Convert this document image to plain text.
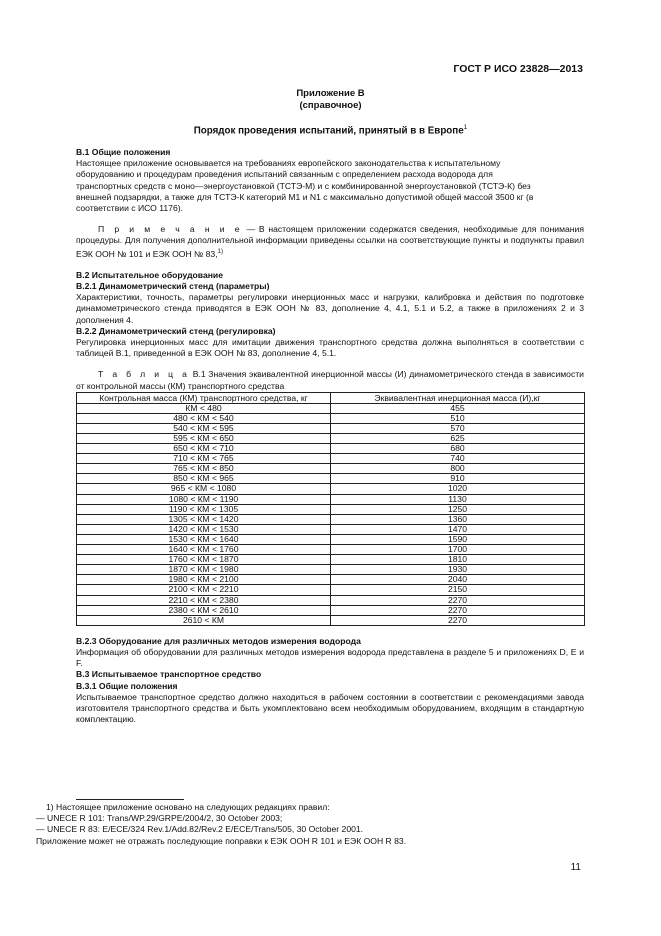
ГОСТ Р ИСО 23828—2013
Приложение В
(справочное)
Порядок проведения испытаний, принятый в в Европе$^1$
В.1 Общие положения
Настоящее приложение основывается на требованиях европейского законодательства к испытательному
оборудованию и процедурам проведения испытаний связанным с определением расхода водорода для
транспортных средств с моно—энергоустановкой (ТСТЭ-М) и с комбинированной энергоустановкой (ТСТЭ-К) без
внешней подзарядки, а также для ТСТЭ-К категорий М1 и N1 с максимально допустимой общей массой 3500 кг (в
соответствии с ИСО 1176).
П р и м е ч а н и е — В настоящем приложении содержатся сведения, необходимые для понимания процедуры. Для получения дополнительной информации приведены ссылки на соответствующие пункты и подпункты правил ЕЭК ООН № 101 и ЕЭК ООН № 83,$^{1)}$
В.2 Испытательное оборудование
В.2.1 Динамометрический стенд (параметры)
Характеристики, точность, параметры регулировки инерционных масс и нагрузки, калибровка и действия по подготовке динамометрического стенда приводятся в ЕЭК ООН № 83, дополнение 4, 4.1, 5.1 и 5.2, а также в приложениях 2 и 3 дополнения 4.
В.2.2 Динамометрический стенд (регулировка)
Регулировка инерционных масс для имитации движения транспортного средства должна выполняться в соответствии с таблицей В.1, приведенной в ЕЭК ООН № 83, дополнение 4, 5.1.
Т а б л и ц а В.1 Значения эквивалентной инерционной массы (И) динамометрического стенда в зависимости от контрольной массы (КМ) транспортного средства
Контрольная масса (КМ) транспортного средства, кг	Эквивалентная инерционная масса (И),кг
КМ < 480	455
480 < КМ < 540	510
540 < КМ < 595	570
595 < КМ < 650	625
650 < КМ < 710	680
710 < КМ < 765	740
765 < КМ < 850	800
850 < КМ < 965	910
965 < КМ < 1080	1020
1080 < КМ < 1190	1130
1190 < КМ < 1305	1250
1305 < КМ < 1420	1360
1420 < КМ < 1530	1470
1530 < КМ < 1640	1590
1640 < КМ < 1760	1700
1760 < КМ < 1870	1810
1870 < КМ < 1980	1930
1980 < КМ < 2100	2040
2100 < КМ < 2210	2150
2210 < КМ < 2380	2270
2380 < КМ < 2610	2270
2610 < КМ	2270
В.2.3 Оборудование для различных методов измерения водорода
Информация об оборудовании для различных методов измерения водорода представлена в разделе 5 и приложениях D, E и F.
В.3 Испытываемое транспортное средство
В.3.1 Общие положения
Испытываемое транспортное средство должно находиться в рабочем состоянии в соответствии с рекомендациями завода изготовителя транспортного средства и быть укомплектовано всем необходимым оборудованием, входящим в стандартную комплектацию.
1) Настоящее приложение основано на следующих редакциях правил:
— UNECE R 101: Trans/WP.29/GRPE/2004/2, 30 October 2003;
— UNECE R 83: E/ECE/324 Rev.1/Add.82/Rev.2 E/ECE/Trans/505, 30 October 2001.
Приложение может не отражать последующие поправки к ЕЭК ООН R 101 и ЕЭК ООН R 83.
11
